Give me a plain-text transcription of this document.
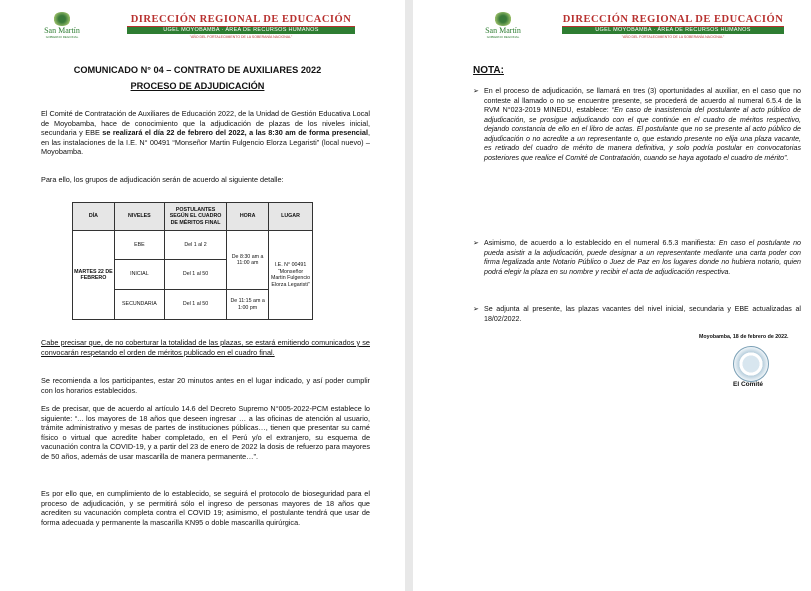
San Martín
GOBIERNO REGIONAL
DIRECCIÓN REGIONAL DE EDUCACIÓN
UGEL MOYOBAMBA · ÁREA DE RECURSOS HUMANOS
"AÑO DEL FORTALECIMIENTO DE LA SOBERANÍA NACIONAL"
COMUNICADO N° 04 – CONTRATO DE AUXILIARES 2022
PROCESO DE ADJUDICACIÓN
El Comité de Contratación de Auxiliares de Educación 2022, de la Unidad de Gestión Educativa Local de Moyobamba, hace de conocimiento que la adjudicación de plazas de los niveles inicial, secundaria y EBE se realizará el día 22 de febrero del 2022, a las 8:30 am de forma presencial, en las instalaciones de la I.E. N° 00491 “Monseñor Martin Fulgencio Elorza Legaristi” (local nuevo) – Moyobamba.
Para ello, los grupos de adjudicación serán de acuerdo al siguiente detalle:
DÍA	NIVELES	POSTULANTES SEGÚN EL CUADRO DE MÉRITOS FINAL	HORA	LUGAR
MARTES 22 DE FEBRERO	EBE	Del 1 al 2	De 8:30 am a 11:00 am	I.E. N° 00491 “Monseñor Martin Fulgencio Elorza Legaristi”
	INICIAL	Del 1 al 50		
	SECUNDARIA	Del 1 al 50	De 11:15 am a 1:00 pm	
Cabe precisar que, de no coberturar la totalidad de las plazas, se estará emitiendo comunicados y se convocarán respetando el orden de méritos publicado en el cuadro final.
Se recomienda a los participantes, estar 20 minutos antes en el lugar indicado, y así poder cumplir con los horarios establecidos.
Es de precisar, que de acuerdo al artículo 14.6 del Decreto Supremo N°005-2022-PCM establece lo siguiente: “... los mayores de 18 años que deseen ingresar … a las oficinas de atención al usuario, trámite administrativo y mesas de partes de instituciones públicas…, tienen que presentar su carné físico o virtual que acredite haber completado, en el Perú y/o el extranjero, su esquema de vacunación contra la COVID-19, y a partir del 23 de enero de 2022 la dosis de refuerzo para mayores de 50 años, además de usar mascarilla de manera permanente…”.
Es por ello que, en cumplimiento de lo establecido, se seguirá el protocolo de bioseguridad para el proceso de adjudicación, y se permitirá sólo el ingreso de personas mayores de 18 años que acrediten su vacunación completa contra el COVID 19; asimismo, el postulante tendrá que usar de forma adecuada y permanente la mascarilla KN95 o doble mascarilla quirúrgica.
San Martín
GOBIERNO REGIONAL
DIRECCIÓN REGIONAL DE EDUCACIÓN
UGEL MOYOBAMBA · ÁREA DE RECURSOS HUMANOS
"AÑO DEL FORTALECIMIENTO DE LA SOBERANÍA NACIONAL"
NOTA:
➢ En el proceso de adjudicación, se llamará en tres (3) oportunidades al auxiliar, en el caso que no conteste al llamado o no se encuentre presente, se procederá de acuerdo al numeral 6.5.4 de la RVM N°023-2019 MINEDU, establece: “En caso de inasistencia del postulante al acto público de adjudicación, se prosigue adjudicando con el que continúe en el cuadro de méritos respectivo, dejando constancia de ello en el libro de actas. El postulante que no se presente al acto público de adjudicación o no acredite a un representante o, que estando presente no elija una plaza vacante, es retirado del cuadro de mérito de manera definitiva, y solo podría postular en convocatorias posteriores que realice el Comité de Contratación, cuando se haya agotado el cuadro de mérito”.
➢ Asimismo, de acuerdo a lo establecido en el numeral 6.5.3 manifiesta: En caso el postulante no pueda asistir a la adjudicación, puede designar a un representante mediante una carta poder con firma legalizada ante Notario Público o Juez de Paz en los lugares donde no hubiera notario, quien podrá elegir la plaza en su nombre y recibir el acta de adjudicación respectiva.
➢ Se adjunta al presente, las plazas vacantes del nivel inicial, secundaria y EBE actualizadas al 18/02/2022.
Moyobamba, 18 de febrero de 2022.
El Comité
